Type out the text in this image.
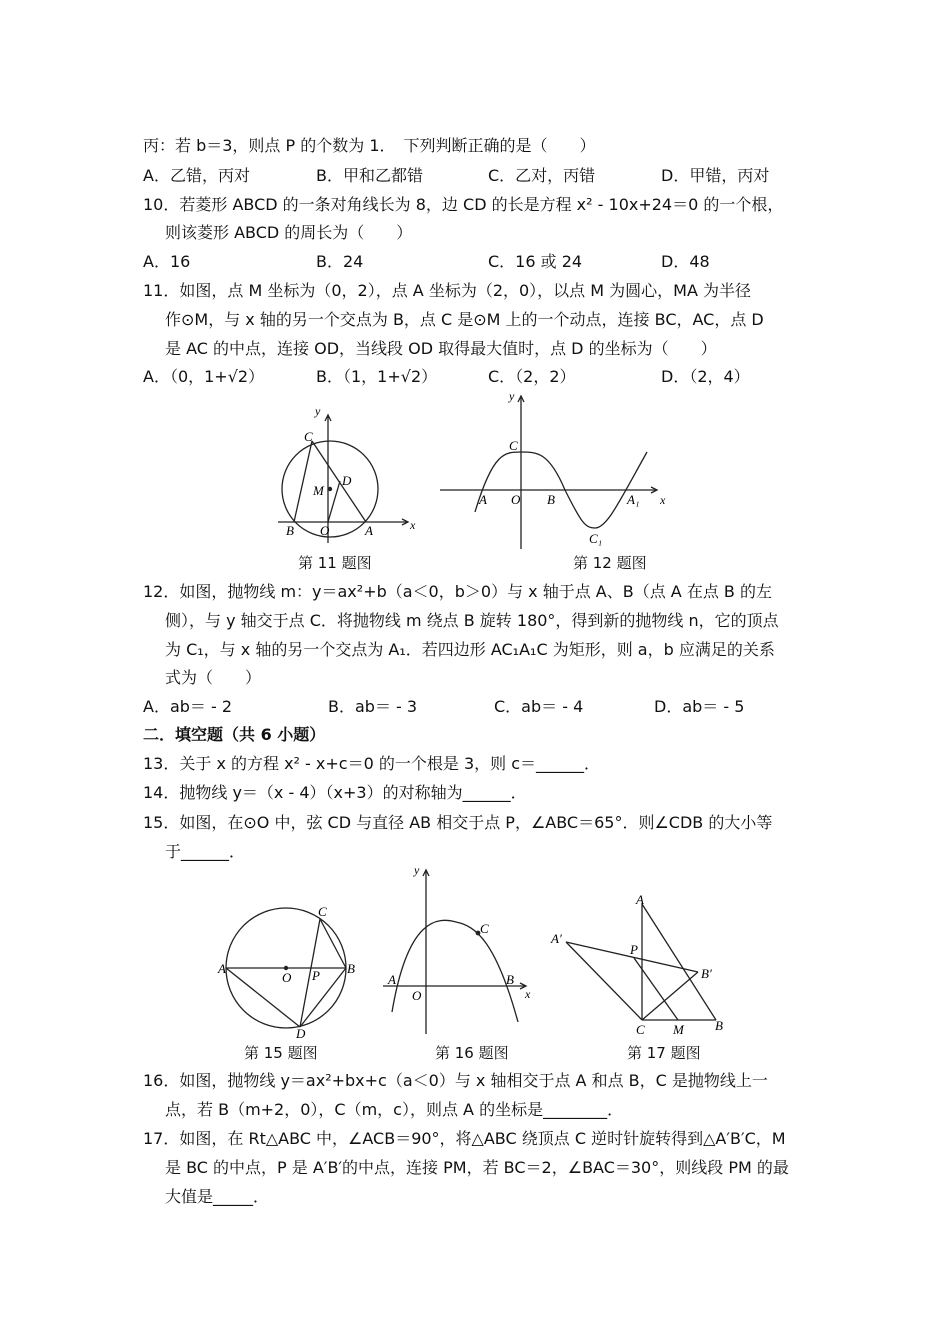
丙：若 b＝3，则点 P 的个数为 1．　下列判断正确的是（　　）
A．乙错，丙对	B．甲和乙都错	C．乙对，丙错	D．甲错，丙对
10．若菱形 ABCD 的一条对角线长为 8，边 CD 的长是方程 x² - 10x+24＝0 的一个根，
则该菱形 ABCD 的周长为（　　）
A．16	B．24	C．16 或 24	D．48
11．如图，点 M 坐标为（0，2），点 A 坐标为（2，0），以点 M 为圆心，MA 为半径
作⊙M，与 x 轴的另一个交点为 B，点 C 是⊙M 上的一个动点，连接 BC，AC，点 D
是 AC 的中点，连接 OD，当线段 OD 取得最大值时，点 D 的坐标为（　　）
A．（0，1+√2）	B．（1，1+√2）	C．（2，2）	D．（2，4）
y
x
C
D
M
B O	A
第 11 题图
y
x
C
A O B	A₁
C₁
第 12 题图
12．如图，抛物线 m：y＝ax²+b（a＜0，b＞0）与 x 轴于点 A、B（点 A 在点 B 的左
侧），与 y 轴交于点 C．将抛物线 m 绕点 B 旋转 180°，得到新的抛物线 n，它的顶点
为 C₁，与 x 轴的另一个交点为 A₁．若四边形 AC₁A₁C 为矩形，则 a，b 应满足的关系
式为（　　）
A．ab＝ - 2	B．ab＝ - 3	C．ab＝ - 4	D．ab＝ - 5
二．填空题（共 6 小题）
13．关于 x 的方程 x² - x+c＝0 的一个根是 3，则 c＝______．
14．抛物线 y＝（x - 4）（x+3）的对称轴为______．
15．如图，在⊙O 中，弦 CD 与直径 AB 相交于点 P，∠ABC＝65°．则∠CDB 的大小等
于______．
A	B
C
D
O P
第 15 题图
y
x
A	B
C
O
第 16 题图
A
A′
P
B′
C M B
第 17 题图
16．如图，抛物线 y＝ax²+bx+c（a＜0）与 x 轴相交于点 A 和点 B，C 是抛物线上一
点，若 B（m+2，0），C（m，c），则点 A 的坐标是________．
17．如图，在 Rt△ABC 中，∠ACB＝90°，将△ABC 绕顶点 C 逆时针旋转得到△A′B′C，M
是 BC 的中点，P 是 A′B′的中点，连接 PM，若 BC＝2，∠BAC＝30°，则线段 PM 的最
大值是_____．
